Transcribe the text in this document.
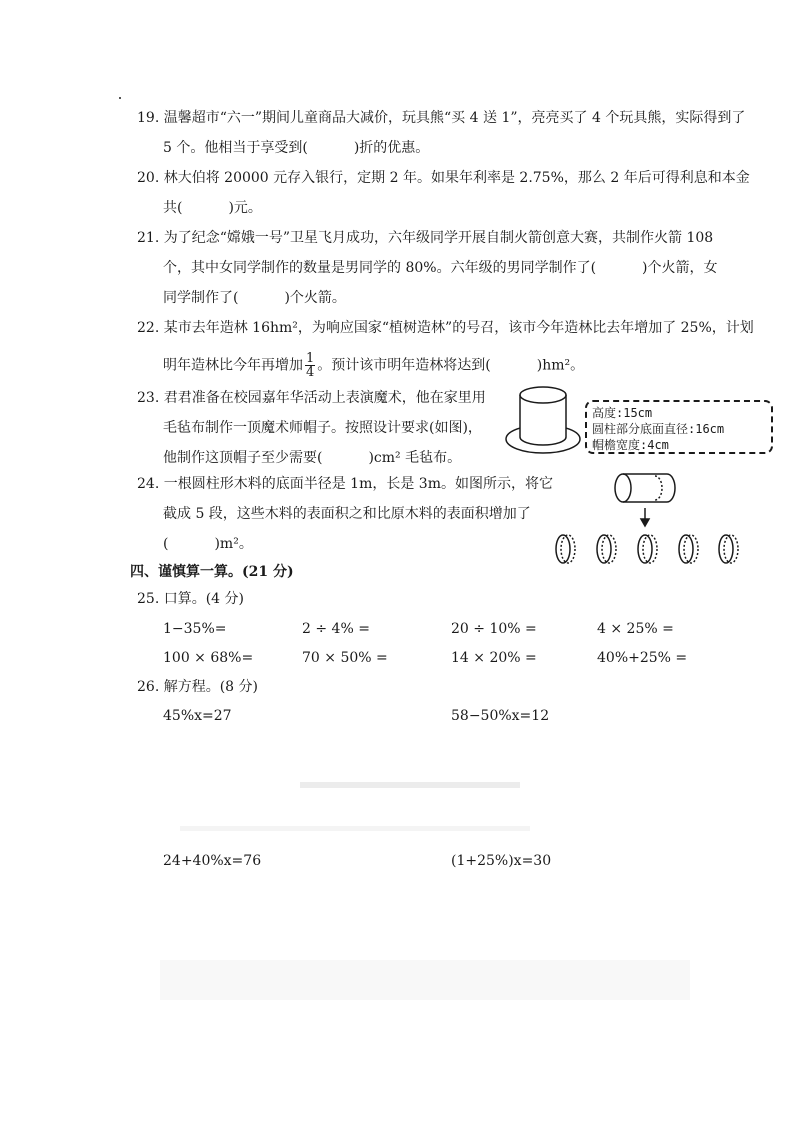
19. 温馨超市“六一”期间儿童商品大减价，玩具熊“买 4 送 1”，亮亮买了 4 个玩具熊，实际得到了
5 个。他相当于享受到(	)折的优惠。
20. 林大伯将 20000 元存入银行，定期 2 年。如果年利率是 2.75%，那么 2 年后可得利息和本金
共(	)元。
21. 为了纪念“嫦娥一号”卫星飞月成功，六年级同学开展自制火箭创意大赛，共制作火箭 108
个，其中女同学制作的数量是男同学的 80%。六年级的男同学制作了(	)个火箭，女
同学制作了(	)个火箭。
22. 某市去年造林 16hm²，为响应国家“植树造林”的号召，该市今年造林比去年增加了 25%，计划
明年造林比今年再增加 $\frac{1}{4}$ 。预计该市明年造林将达到(	)hm²。
23. 君君准备在校园嘉年华活动上表演魔术，他在家里用
毛毡布制作一顶魔术师帽子。按照设计要求(如图)，
他制作这顶帽子至少需要(	)cm² 毛毡布。
高度:15cm
圆柱部分底面直径:16cm
帽檐宽度:4cm
24. 一根圆柱形木料的底面半径是 1m，长是 3m。如图所示，将它
截成 5 段，这些木料的表面积之和比原木料的表面积增加了
(	)m²。
四、谨慎算一算。(21 分)
25. 口算。(4 分)
1−35%=	2 ÷ 4% =	20 ÷ 10% =	4 × 25% =
100 × 68%=	70 × 50% =	14 × 20% =	40%+25% =
26. 解方程。(8 分)
45%x=27	58−50%x=12
24+40%x=76	(1+25%)x=30
